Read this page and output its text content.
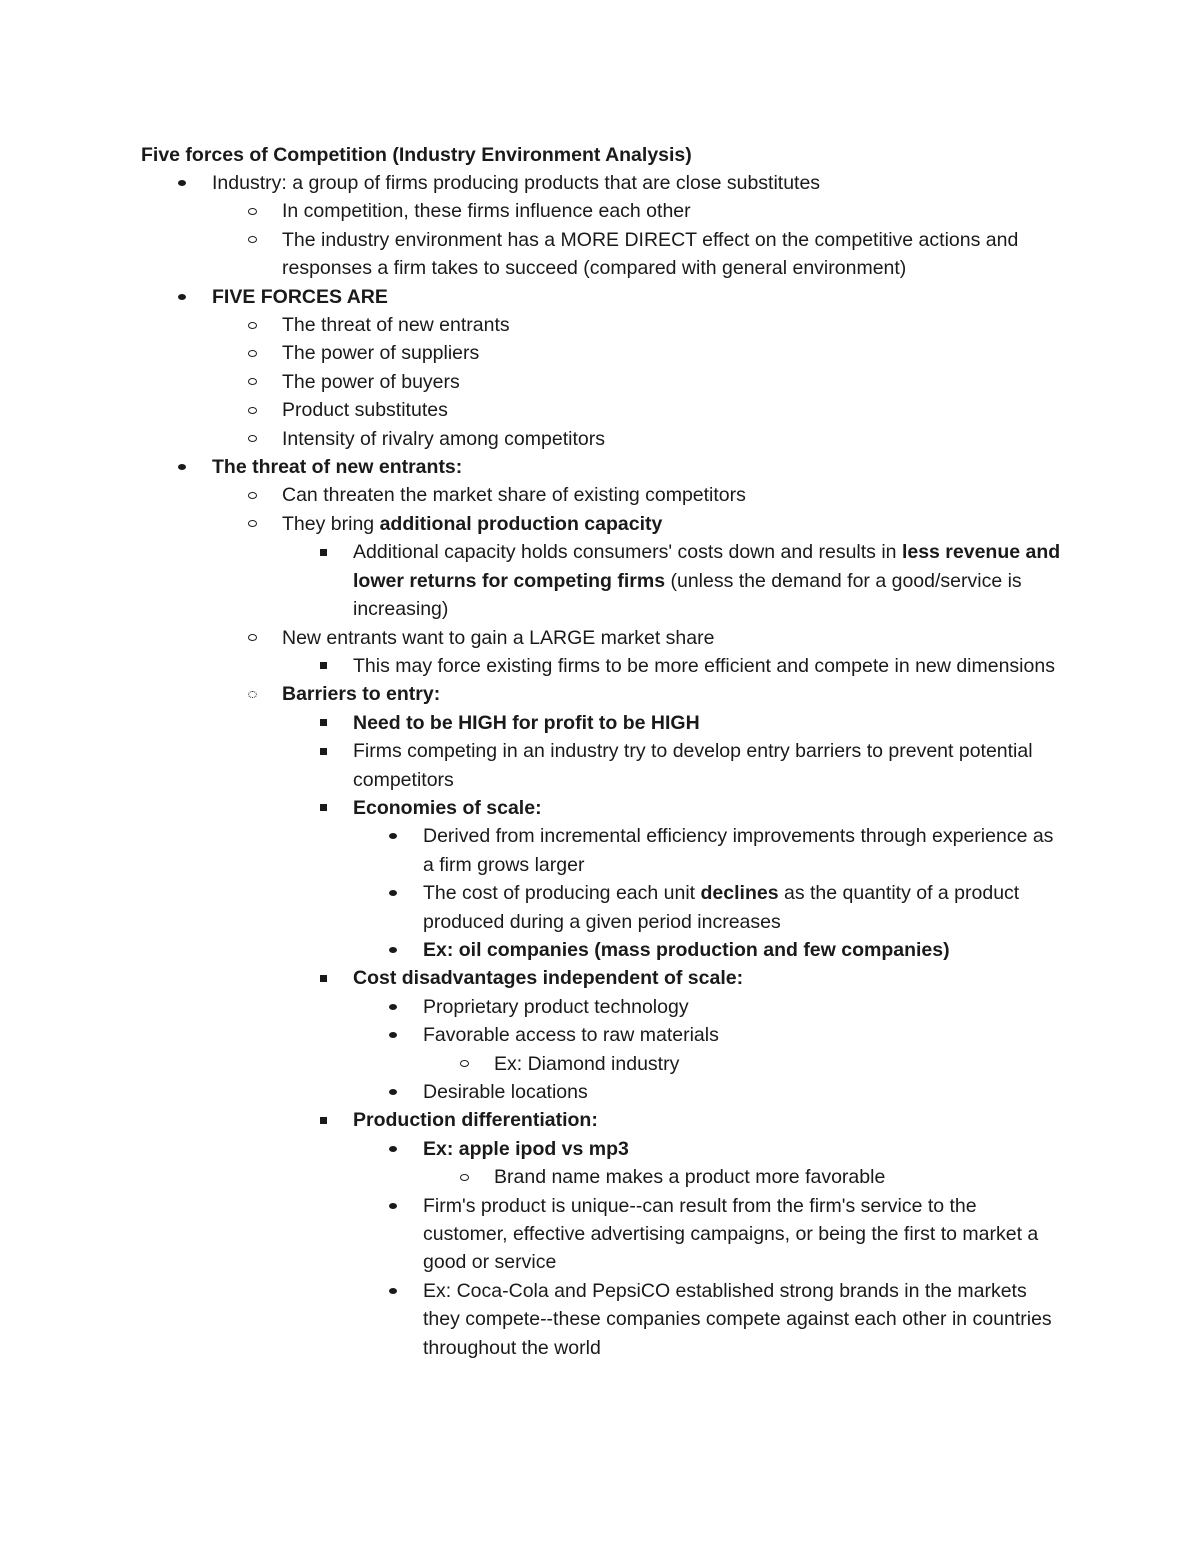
Five forces of Competition (Industry Environment Analysis)

Industry: a group of firms producing products that are close substitutes
In competition, these firms influence each other
The industry environment has a MORE DIRECT effect on the competitive actions and responses a firm takes to succeed (compared with general environment)
FIVE FORCES ARE
The threat of new entrants
The power of suppliers
The power of buyers
Product substitutes
Intensity of rivalry among competitors
The threat of new entrants:
Can threaten the market share of existing competitors
They bring additional production capacity
Additional capacity holds consumers' costs down and results in less revenue and lower returns for competing firms (unless the demand for a good/service is increasing)
New entrants want to gain a LARGE market share
This may force existing firms to be more efficient and compete in new dimensions
Barriers to entry:
Need to be HIGH for profit to be HIGH
Firms competing in an industry try to develop entry barriers to prevent potential competitors
Economies of scale:
Derived from incremental efficiency improvements through experience as a firm grows larger
The cost of producing each unit declines as the quantity of a product produced during a given period increases
Ex: oil companies (mass production and few companies)
Cost disadvantages independent of scale:
Proprietary product technology
Favorable access to raw materials
Ex: Diamond industry
Desirable locations
Production differentiation:
Ex: apple ipod vs mp3
Brand name makes a product more favorable
Firm's product is unique--can result from the firm's service to the customer, effective advertising campaigns, or being the first to market a good or service
Ex: Coca-Cola and PepsiCO established strong brands in the markets they compete--these companies compete against each other in countries throughout the world
